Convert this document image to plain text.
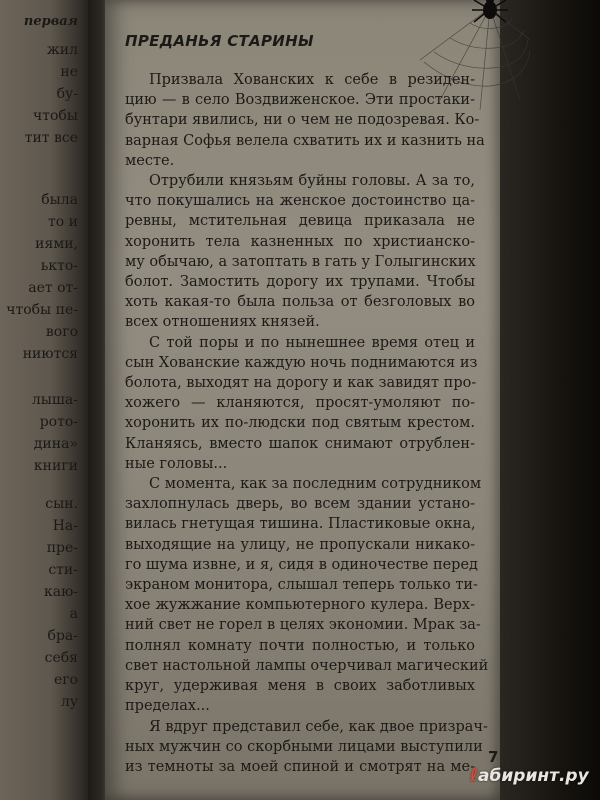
первая
жил
не
бу-
чтобы
тит все
была
то и
иями,
ькто-
ает от-
чтобы пе-
вого
ниются
лыша-
рото-
дина»
книги
сын.
На-
пре-
сти-
каю-
а
бра-
себя
его
лу
ПРЕДАНЬЯ СТАРИНЫ

Призвала Хованских к себе в резиден-
цию — в село Воздвиженское. Эти простаки-
бунтари явились, ни о чем не подозревая. Ко-
варная Софья велела схватить их и казнить на
месте.

Отрубили князьям буйны головы. А за то,
что покушались на женское достоинство ца-
ревны, мстительная девица приказала не
хоронить тела казненных по христианско-
му обычаю, а затоптать в гать у Голыгинских
болот. Замостить дорогу их трупами. Чтобы
хоть какая-то была польза от безголовых во
всех отношениях князей.

С той поры и по нынешнее время отец и
сын Хованские каждую ночь поднимаются из
болота, выходят на дорогу и как завидят про-
хожего — кланяются, просят-умоляют по-
хоронить их по-людски под святым крестом.
Кланяясь, вместо шапок снимают отрублен-
ные головы...

С момента, как за последним сотрудником
захлопнулась дверь, во всем здании устано-
вилась гнетущая тишина. Пластиковые окна,
выходящие на улицу, не пропускали никако-
го шума извне, и я, сидя в одиночестве перед
экраном монитора, слышал теперь только ти-
хое жужжание компьютерного кулера. Верх-
ний свет не горел в целях экономии. Мрак за-
полнял комнату почти полностью, и только
свет настольной лампы очерчивал магический
круг, удерживая меня в своих заботливых
пределах...

Я вдруг представил себе, как двое призрач-
ных мужчин со скорбными лицами выступили
из темноты за моей спиной и смотрят на ме-

7
ℓабиринт.ру
